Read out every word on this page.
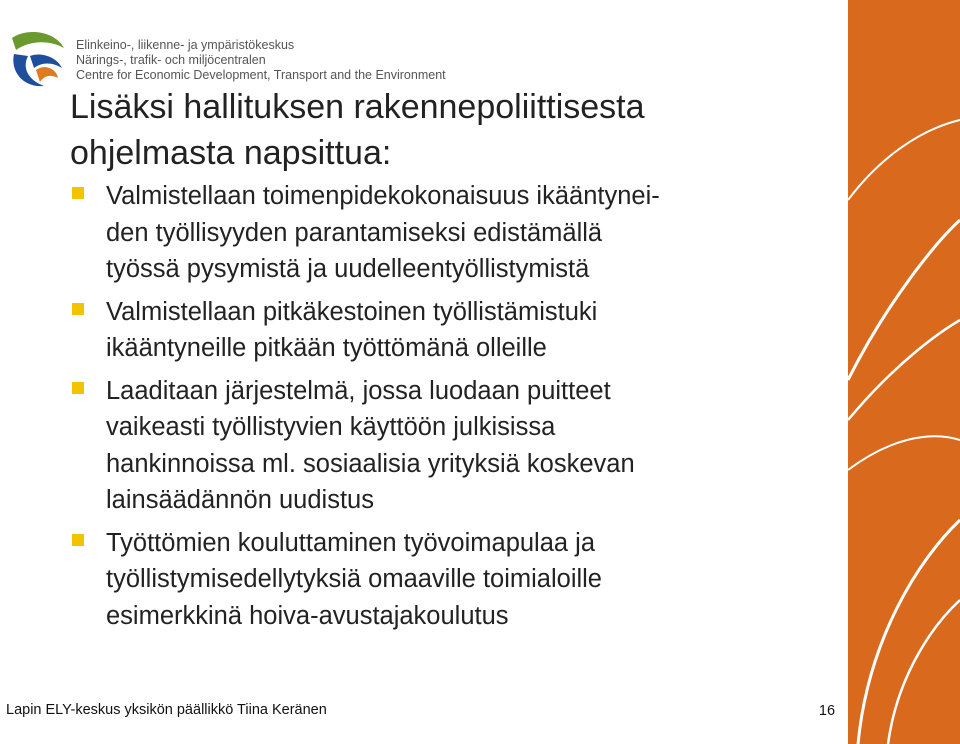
Elinkeino-, liikenne- ja ympäristökeskus
Närings-, trafik- och miljöcentralen
Centre for Economic Development, Transport and the Environment
Lisäksi hallituksen rakennepoliittisesta
ohjelmasta napsittua:
Valmistellaan toimenpidekokonaisuus ikääntynei-
den työllisyyden parantamiseksi edistämällä
työssä pysymistä ja uudelleentyöllistymistä
Valmistellaan pitkäkestoinen työllistämistuki
ikääntyneille pitkään työttömänä olleille
Laaditaan järjestelmä, jossa luodaan puitteet
vaikeasti työllistyvien käyttöön julkisissa
hankinnoissa ml. sosiaalisia yrityksiä koskevan
lainsäädännön uudistus
Työttömien kouluttaminen työvoimapulaa ja
työllistymisedellytyksiä omaaville toimialoille
esimerkkinä hoiva-avustajakoulutus
Lapin ELY-keskus yksikön päällikkö Tiina Keränen	16
